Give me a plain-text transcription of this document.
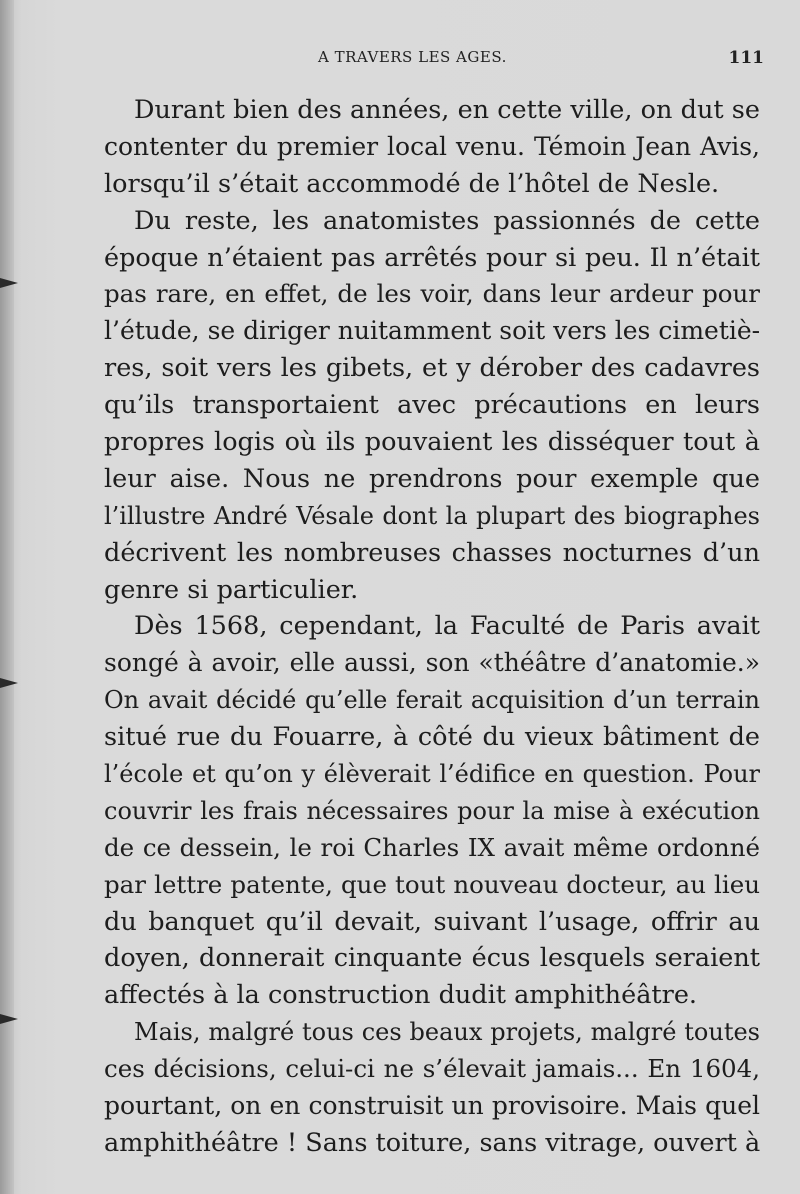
A TRAVERS LES AGES.	111
Durant bien des années, en cette ville, on dut se
contenter du premier local venu. Témoin Jean Avis,
lorsqu’il s’était accommodé de l’hôtel de Nesle.
Du reste, les anatomistes passionnés de cette
époque n’étaient pas arrêtés pour si peu. Il n’était
pas rare, en effet, de les voir, dans leur ardeur pour
l’étude, se diriger nuitamment soit vers les cimetiè-
res, soit vers les gibets, et y dérober des cadavres
qu’ils transportaient avec précautions en leurs
propres logis où ils pouvaient les disséquer tout à
leur aise. Nous ne prendrons pour exemple que
l’illustre André Vésale dont la plupart des biographes
décrivent les nombreuses chasses nocturnes d’un
genre si particulier.
Dès 1568, cependant, la Faculté de Paris avait
songé à avoir, elle aussi, son «théâtre d’anatomie.»
On avait décidé qu’elle ferait acquisition d’un terrain
situé rue du Fouarre, à côté du vieux bâtiment de
l’école et qu’on y élèverait l’édifice en question. Pour
couvrir les frais nécessaires pour la mise à exécution
de ce dessein, le roi Charles IX avait même ordonné
par lettre patente, que tout nouveau docteur, au lieu
du banquet qu’il devait, suivant l’usage, offrir au
doyen, donnerait cinquante écus lesquels seraient
affectés à la construction dudit amphithéâtre.
Mais, malgré tous ces beaux projets, malgré toutes
ces décisions, celui-ci ne s’élevait jamais... En 1604,
pourtant, on en construisit un provisoire. Mais quel
amphithéâtre ! Sans toiture, sans vitrage, ouvert à
